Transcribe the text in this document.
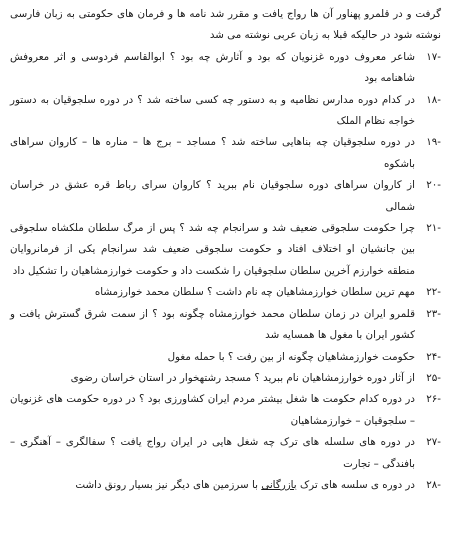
گرفت و در قلمرو پهناور آن ها رواج یافت و مقرر شد نامه ها و فرمان های حکومتی به زبان فارسی نوشته شود در حالیکه قبلا به زبان عربی نوشته می شد

-۱۷

شاعر معروف دوره غزنویان که بود و آثارش چه بود ؟ ابوالقاسم فردوسی و اثر معروفش شاهنامه بود

-۱۸

در کدام دوره مدارس نظامیه و به دستور چه کسی ساخته شد ؟ در دوره سلجوقیان به دستور خواجه نظام الملک

-۱۹

در دوره سلجوقیان چه بناهایی ساخته شد ؟ مساجد – برج ها – مناره ها – کاروان سراهای باشکوه

-۲۰

از کاروان سراهای دوره سلجوقیان نام ببرید ؟ کاروان سرای رباط قره عشق در خراسان شمالی

-۲۱

چرا حکومت سلجوقی ضعیف شد و سرانجام چه شد ؟ پس از مرگ سلطان ملکشاه سلجوقی بین جانشیان او اختلاف افتاد و حکومت سلجوقی ضعیف شد سرانجام یکی از فرمانروایان منطقه خوارزم آخرین سلطان سلجوقیان را شکست داد و حکومت خوارزمشاهیان را تشکیل داد

-۲۲

مهم ترین سلطان خوارزمشاهیان چه نام داشت ؟ سلطان محمد خوارزمشاه

-۲۳

قلمرو ایران در زمان سلطان محمد خوارزمشاه چگونه بود ؟ از سمت شرق گسترش یافت و کشور ایران با مغول ها همسایه شد

-۲۴

حکومت خوارزمشاهیان چگونه از بین رفت ؟ با حمله مغول

-۲۵

از آثار دوره خوارزمشاهیان نام ببرید ؟ مسجد رشتهخوار در استان خراسان رضوی

-۲۶

در دوره کدام حکومت ها شغل بیشتر مردم ایران کشاورزی بود ؟ در دوره حکومت های غزنویان – سلجوقیان – خوارزمشاهیان

-۲۷

در دوره های سلسله های ترک چه شغل هایی در ایران رواج یافت ؟ سفالگری – آهنگری – بافندگی – تجارت

-۲۸

در دوره ی سلسه های ترک بازرگانی با سرزمین های دیگر نیز بسیار رونق داشت
